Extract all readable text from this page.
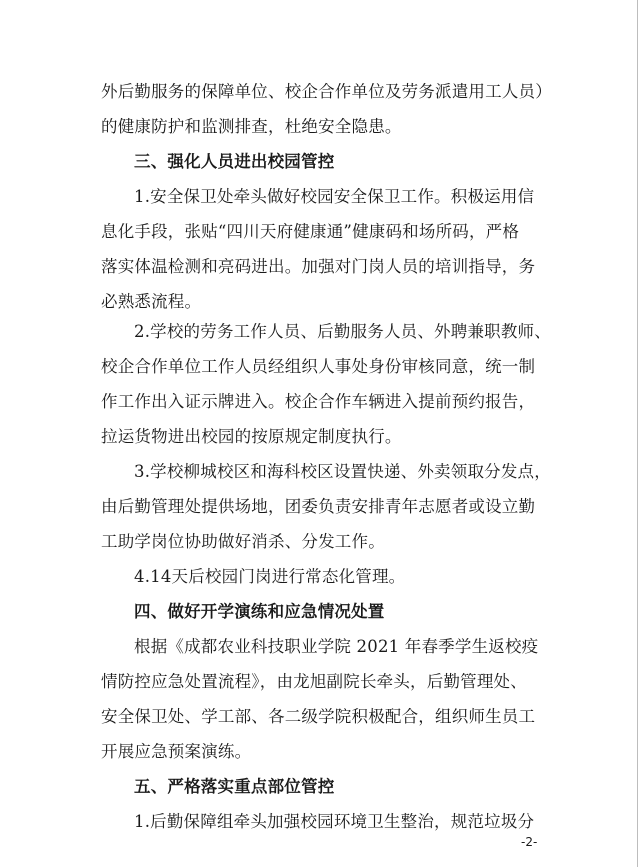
外后勤服务的保障单位、校企合作单位及劳务派遣用工人员）
的健康防护和监测排查，杜绝安全隐患。
三、强化人员进出校园管控
1.安全保卫处牵头做好校园安全保卫工作。积极运用信
息化手段，张贴“四川天府健康通”健康码和场所码，严格
落实体温检测和亮码进出。加强对门岗人员的培训指导，务
必熟悉流程。
2.学校的劳务工作人员、后勤服务人员、外聘兼职教师、
校企合作单位工作人员经组织人事处身份审核同意，统一制
作工作出入证示牌进入。校企合作车辆进入提前预约报告，
拉运货物进出校园的按原规定制度执行。
3.学校柳城校区和海科校区设置快递、外卖领取分发点，
由后勤管理处提供场地，团委负责安排青年志愿者或设立勤
工助学岗位协助做好消杀、分发工作。
4.14天后校园门岗进行常态化管理。
四、做好开学演练和应急情况处置
根据《成都农业科技职业学院 2021 年春季学生返校疫
情防控应急处置流程》，由龙旭副院长牵头，后勤管理处、
安全保卫处、学工部、各二级学院积极配合，组织师生员工
开展应急预案演练。
五、严格落实重点部位管控
1.后勤保障组牵头加强校园环境卫生整治，规范垃圾分
-2-
